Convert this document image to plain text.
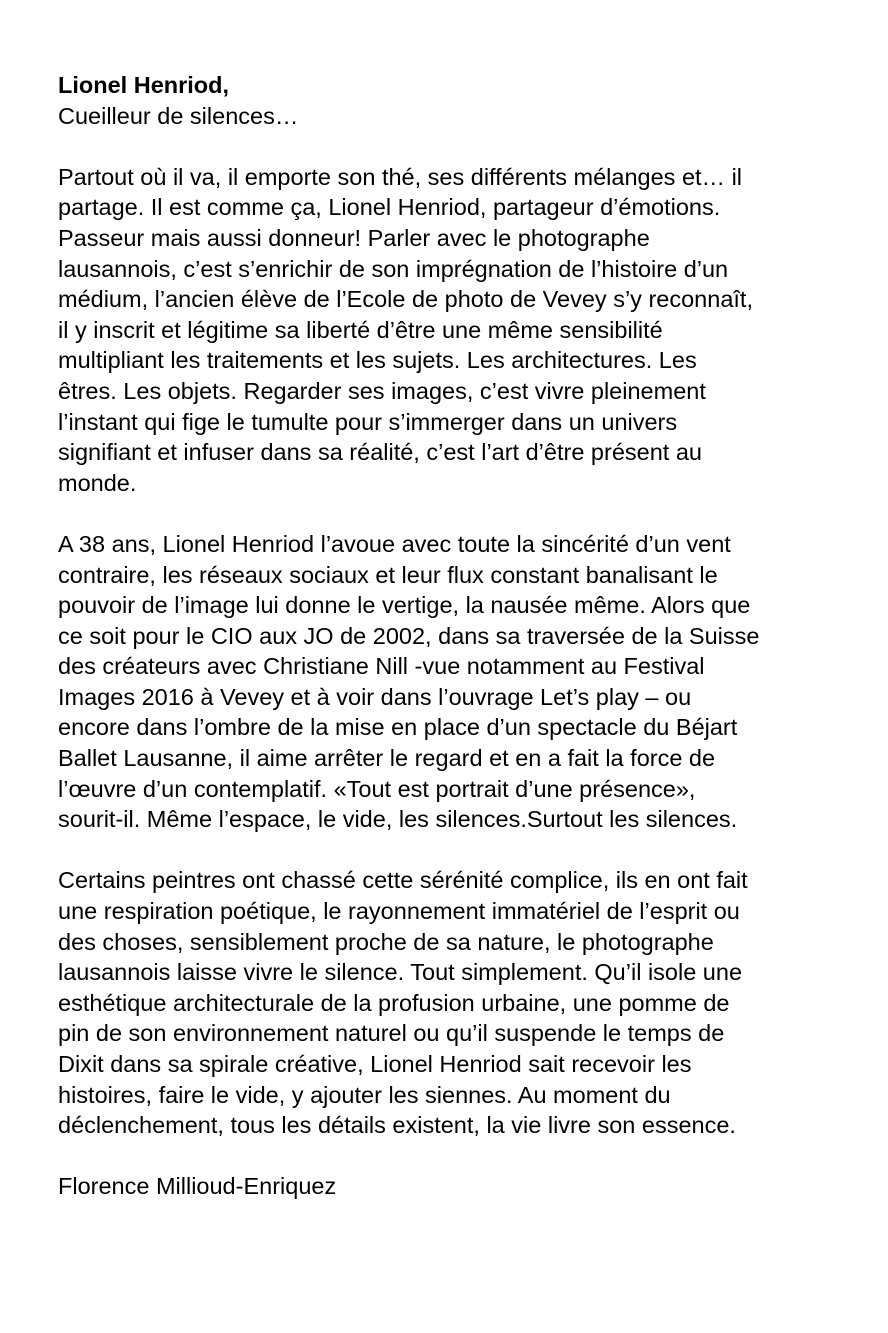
Lionel Henriod,
Cueilleur de silences…
Partout où il va, il emporte son thé, ses différents mélanges et… il
partage. Il est comme ça, Lionel Henriod, partageur d’émotions.
Passeur mais aussi donneur! Parler avec le photographe
lausannois, c’est s’enrichir de son imprégnation de l’histoire d’un
médium, l’ancien élève de l’Ecole de photo de Vevey s’y reconnaît,
il y inscrit et légitime sa liberté d’être une même sensibilité
multipliant les traitements et les sujets. Les architectures. Les
êtres. Les objets. Regarder ses images, c’est vivre pleinement
l’instant qui fige le tumulte pour s’immerger dans un univers
signifiant et infuser dans sa réalité, c’est l’art d’être présent au
monde.
A 38 ans, Lionel Henriod l’avoue avec toute la sincérité d’un vent
contraire, les réseaux sociaux et leur flux constant banalisant le
pouvoir de l’image lui donne le vertige, la nausée même. Alors que
ce soit pour le CIO aux JO de 2002, dans sa traversée de la Suisse
des créateurs avec Christiane Nill -vue notamment au Festival
Images 2016 à Vevey et à voir dans l’ouvrage Let’s play – ou
encore dans l’ombre de la mise en place d’un spectacle du Béjart
Ballet Lausanne, il aime arrêter le regard et en a fait la force de
l’œuvre d’un contemplatif. «Tout est portrait d’une présence»,
sourit-il. Même l’espace, le vide, les silences.Surtout les silences.
Certains peintres ont chassé cette sérénité complice, ils en ont fait
une respiration poétique, le rayonnement immatériel de l’esprit ou
des choses, sensiblement proche de sa nature, le photographe
lausannois laisse vivre le silence. Tout simplement. Qu’il isole une
esthétique architecturale de la profusion urbaine, une pomme de
pin de son environnement naturel ou qu’il suspende le temps de
Dixit dans sa spirale créative, Lionel Henriod sait recevoir les
histoires, faire le vide, y ajouter les siennes. Au moment du
déclenchement, tous les détails existent, la vie livre son essence.
Florence Millioud-Enriquez
